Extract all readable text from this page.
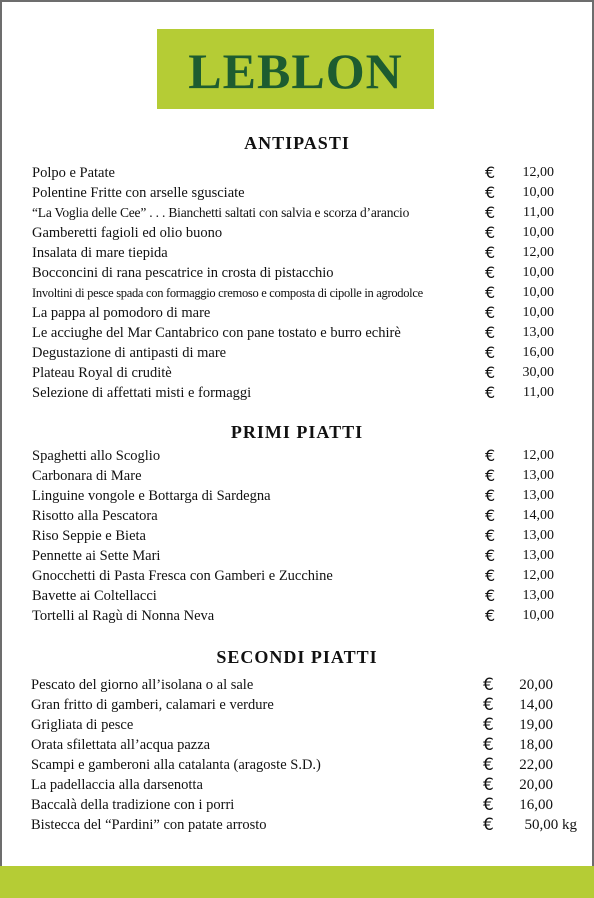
LEBLON
ANTIPASTI
Polpo e Patate	€ 12,00
Polentine Fritte con arselle sgusciate	€ 10,00
“La Voglia delle Cee” . . . Bianchetti saltati con salvia e scorza d’arancio	€ 11,00
Gamberetti fagioli ed olio buono	€ 10,00
Insalata di mare tiepida	€ 12,00
Bocconcini di rana pescatrice in crosta di pistacchio	€ 10,00
Involtini di pesce spada con formaggio cremoso e composta di cipolle in agrodolce	€ 10,00
La pappa al pomodoro di mare	€ 10,00
Le acciughe del Mar Cantabrico con pane tostato e burro echirè	€ 13,00
Degustazione di antipasti di mare	€ 16,00
Plateau Royal di cruditè	€ 30,00
Selezione di affettati misti e formaggi	€ 11,00
PRIMI PIATTI
Spaghetti allo Scoglio	€ 12,00
Carbonara di Mare	€ 13,00
Linguine vongole e Bottarga di Sardegna	€ 13,00
Risotto alla Pescatora	€ 14,00
Riso Seppie e Bieta	€ 13,00
Pennette ai Sette Mari	€ 13,00
Gnocchetti di Pasta Fresca con Gamberi e Zucchine	€ 12,00
Bavette ai Coltellacci	€ 13,00
Tortelli al Ragù di Nonna Neva	€ 10,00
SECONDI PIATTI
Pescato del giorno all’isolana o al sale	€ 20,00
Gran fritto di gamberi, calamari e verdure	€ 14,00
Grigliata di pesce	€ 19,00
Orata sfilettata all’acqua pazza	€ 18,00
Scampi e gamberoni alla catalanta (aragoste S.D.)	€ 22,00
La padellaccia alla darsenotta	€ 20,00
Baccalà della tradizione con i porri	€ 16,00
Bistecca del “Pardini” con patate arrosto	€ 50,00 kg
